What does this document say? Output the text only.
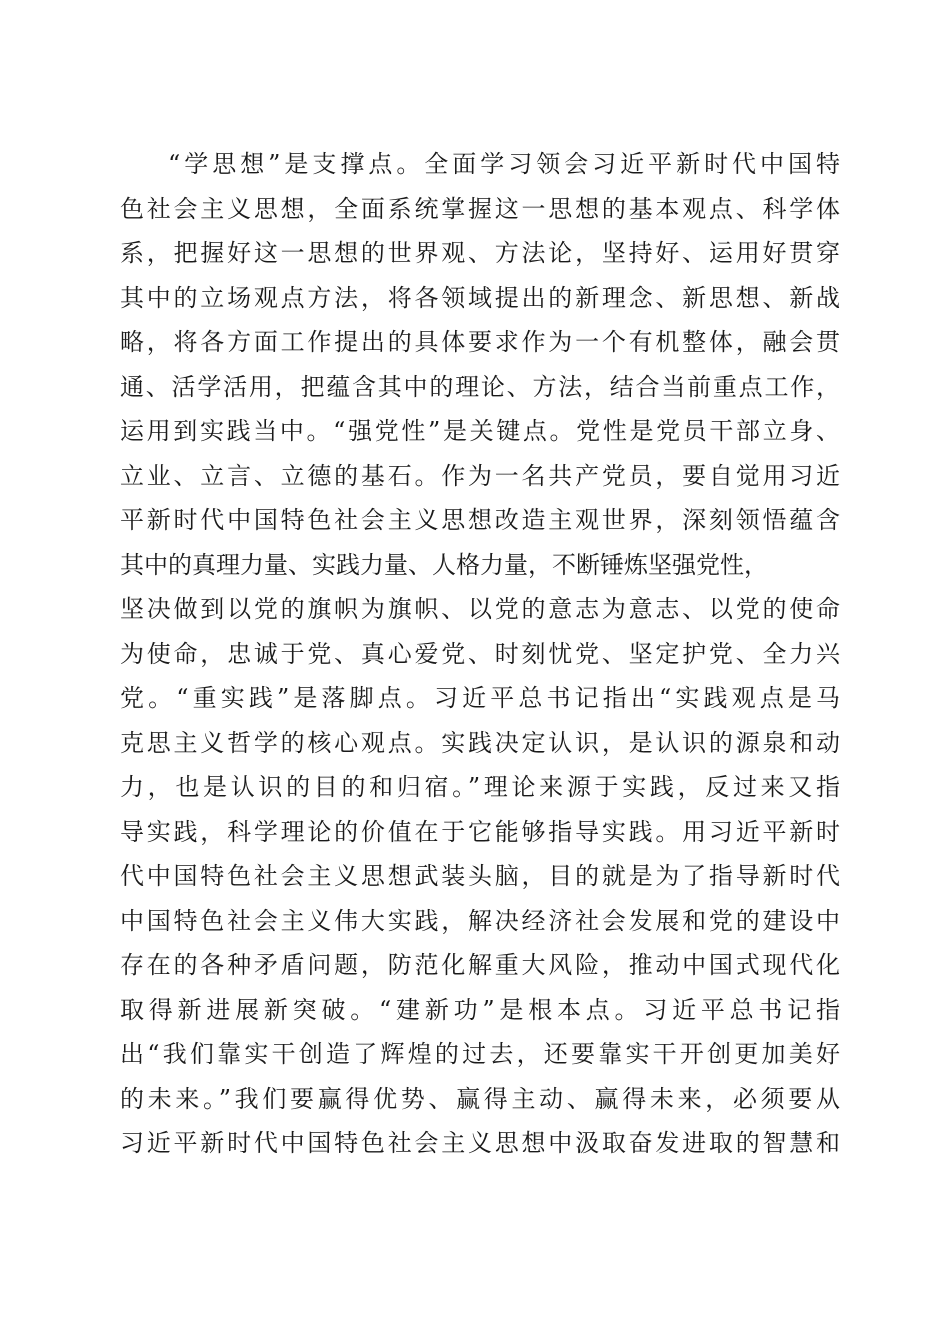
“学思想”是支撑点。全面学习领会习近平新时代中国特
色社会主义思想，全面系统掌握这一思想的基本观点、科学体
系，把握好这一思想的世界观、方法论，坚持好、运用好贯穿
其中的立场观点方法，将各领域提出的新理念、新思想、新战
略，将各方面工作提出的具体要求作为一个有机整体，融会贯
通、活学活用，把蕴含其中的理论、方法，结合当前重点工作，
运用到实践当中。“强党性”是关键点。党性是党员干部立身、
立业、立言、立德的基石。作为一名共产党员，要自觉用习近
平新时代中国特色社会主义思想改造主观世界，深刻领悟蕴含
其中的真理力量、实践力量、人格力量，不断锤炼坚强党性，
坚决做到以党的旗帜为旗帜、以党的意志为意志、以党的使命
为使命，忠诚于党、真心爱党、时刻忧党、坚定护党、全力兴
党。“重实践”是落脚点。习近平总书记指出“实践观点是马
克思主义哲学的核心观点。实践决定认识，是认识的源泉和动
力，也是认识的目的和归宿。”理论来源于实践，反过来又指
导实践，科学理论的价值在于它能够指导实践。用习近平新时
代中国特色社会主义思想武装头脑，目的就是为了指导新时代
中国特色社会主义伟大实践，解决经济社会发展和党的建设中
存在的各种矛盾问题，防范化解重大风险，推动中国式现代化
取得新进展新突破。“建新功”是根本点。习近平总书记指
出“我们靠实干创造了辉煌的过去，还要靠实干开创更加美好
的未来。”我们要赢得优势、赢得主动、赢得未来，必须要从
习近平新时代中国特色社会主义思想中汲取奋发进取的智慧和
